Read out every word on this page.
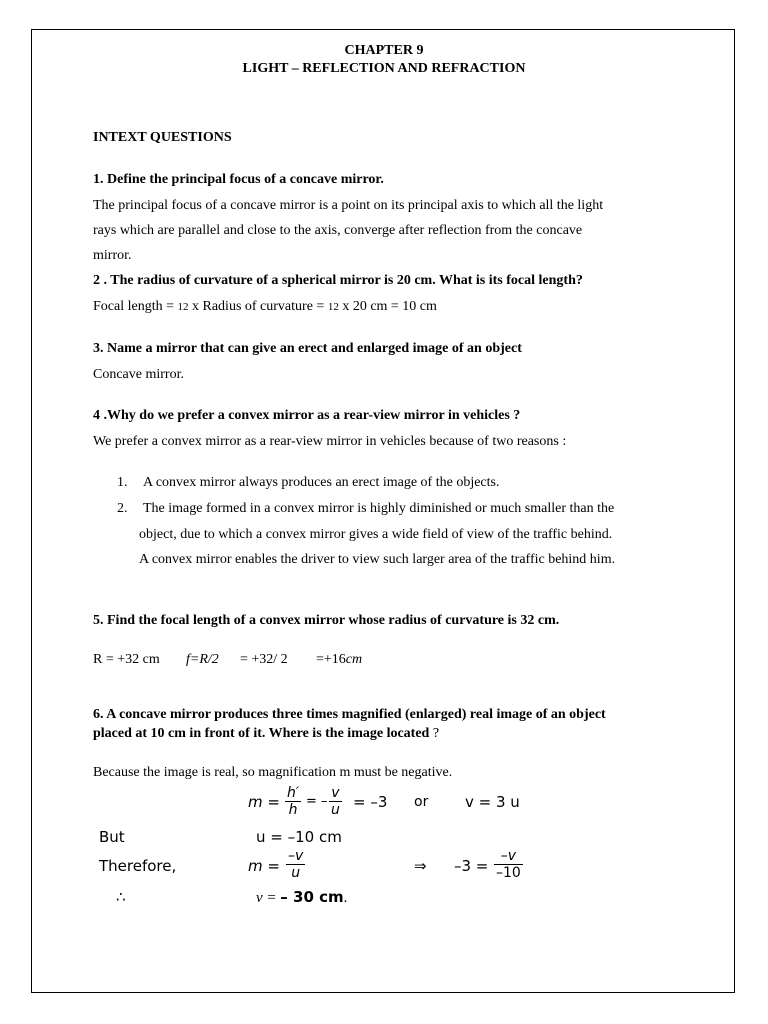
CHAPTER 9
LIGHT – REFLECTION AND REFRACTION
INTEXT QUESTIONS
1. Define the principal focus of a concave mirror.
The principal focus of a concave mirror is a point on its principal axis to which all the light
rays which are parallel and close to the axis, converge after reflection from the concave
mirror.
2 . The radius of curvature of a spherical mirror is 20 cm. What is its focal length?
Focal length = 12 x Radius of curvature = 12 x 20 cm = 10 cm
3. Name a mirror that can give an erect and enlarged image of an object
Concave mirror.
4 .Why do we prefer a convex mirror as a rear-view mirror in vehicles ?
We prefer a convex mirror as a rear-view mirror in vehicles because of two reasons :
1. A convex mirror always produces an erect image of the objects.
2. The image formed in a convex mirror is highly diminished or much smaller than the
object, due to which a convex mirror gives a wide field of view of the traffic behind.
A convex mirror enables the driver to view such larger area of the traffic behind him.
5. Find the focal length of a convex mirror whose radius of curvature is 32 cm.
R = +32 cm f=R/2 = +32/ 2 =+16cm
6. A concave mirror produces three times magnified (enlarged) real image of an object
placed at 10 cm in front of it. Where is the image located ?
Because the image is real, so magnification m must be negative.
$m = \frac{h'}{h}$ = – $\frac{v}{u} = -3$ or v = 3 u
But	u = –10 cm
Therefore,	$m = \frac{-v}{u}$	⇒ $-3 = \frac{-v}{-10}$
∴	v = – 30 cm.
